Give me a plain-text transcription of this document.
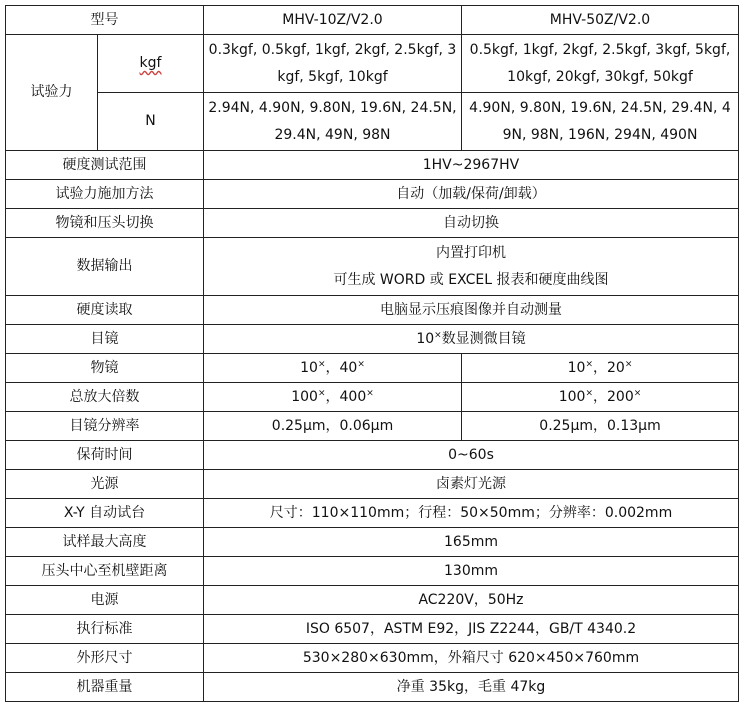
型号		MHV-10Z/V2.0	MHV-50Z/V2.0
试验力	kgf	0.3kgf, 0.5kgf, 1kgf, 2kgf, 2.5kgf, 3kgf, 5kgf, 10kgf	0.5kgf, 1kgf, 2kgf, 2.5kgf, 3kgf, 5kgf, 10kgf, 20kgf, 30kgf, 50kgf
	N	2.94N, 4.90N, 9.80N, 19.6N, 24.5N, 29.4N, 49N, 98N	4.90N, 9.80N, 19.6N, 24.5N, 29.4N, 49N, 98N, 196N, 294N, 490N
硬度测试范围		1HV~2967HV	
试验力施加方法		自动（加载/保荷/卸载）	
物镜和压头切换		自动切换	
数据输出		内置打印机
可生成 WORD 或 EXCEL 报表和硬度曲线图	

硬度读取		电脑显示压痕图像并自动测量	
目镜		10×数显测微目镜	
物镜		10×，40×	10×，20×
总放大倍数		100×，400×	100×，200×
目镜分辨率		0.25μm，0.06μm	0.25μm，0.13μm
保荷时间		0~60s	
光源		卤素灯光源	
X-Y 自动试台		尺寸：110×110mm；行程：50×50mm；分辨率：0.002mm	
试样最大高度		165mm	
压头中心至机壁距离		130mm	
电源		AC220V，50Hz	
执行标准		ISO 6507，ASTM E92，JIS Z2244，GB/T 4340.2	
外形尺寸		530×280×630mm，外箱尺寸 620×450×760mm	
机器重量		净重 35kg，毛重 47kg	
